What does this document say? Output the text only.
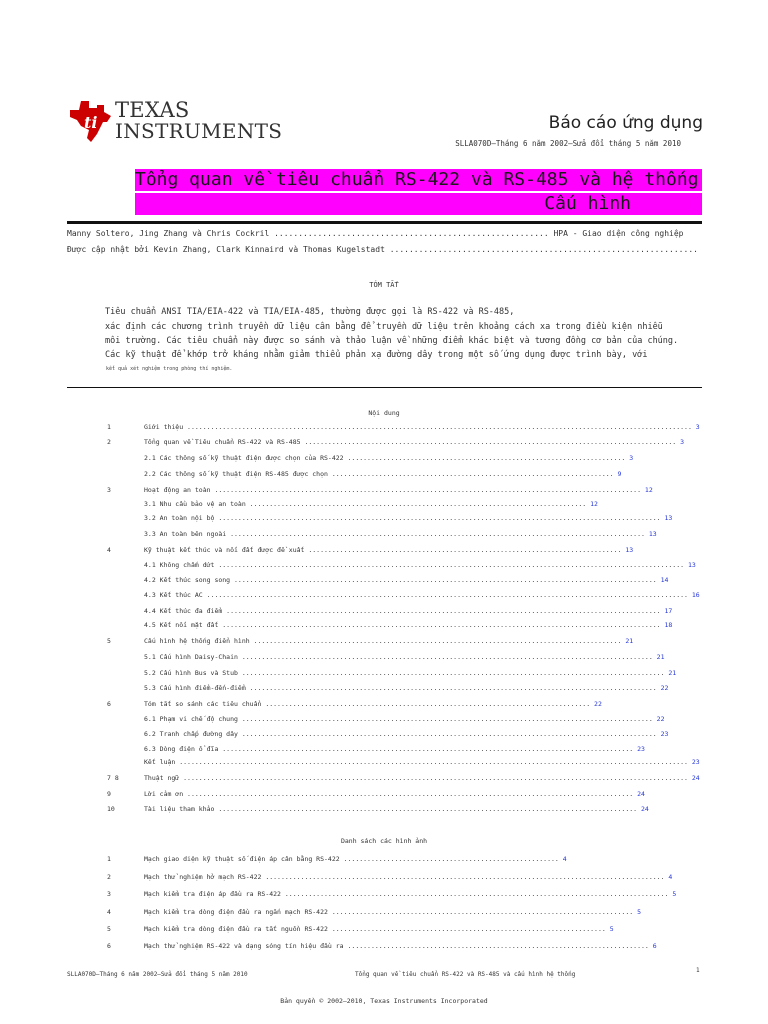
ti
TEXAS
INSTRUMENTS	Báo cáo ứng dụng
SLLA070D–Tháng 6 năm 2002–Sửa đổi tháng 5 năm 2010
Tổng quan về tiêu chuẩn RS-422 và RS-485 và hệ thống
Cấu hình
Manny Soltero, Jing Zhang và Chris Cockril ......................................................... HPA - Giao diện công nghiệp
Được cập nhật bởi Kevin Zhang, Clark Kinnaird và Thomas Kugelstadt ................................................................
TÓM TẮT
Tiêu chuẩn ANSI TIA/EIA-422 và TIA/EIA-485, thường được gọi là RS-422 và RS-485,
xác định các chương trình truyền dữ liệu cân bằng để truyền dữ liệu trên khoảng cách xa trong điều kiện nhiễu
môi trường. Các tiêu chuẩn này được so sánh và thảo luận về những điểm khác biệt và tương đồng cơ bản của chúng.
Các kỹ thuật để khớp trở kháng nhằm giảm thiểu phản xạ đường dây trong một số ứng dụng được trình bày, với
kết quả xét nghiệm trong phòng thí nghiệm.
Nội dung
1	Giới thiệu ................................................................................................................................. 3
2	Tổng quan về Tiêu chuẩn RS-422 và RS-485 ............................................................................................... 3
2.1 Các thông số kỹ thuật điện được chọn của RS-422 ....................................................................... 3
2.2 Các thông số kỹ thuật điện RS-485 được chọn ........................................................................ 9
3	Hoạt động an toàn ............................................................................................................. 12
3.1 Nhu cầu bảo vệ an toàn ...................................................................................... 12
3.2 An toàn nội bộ ................................................................................................................. 13
3.3 An toàn bên ngoài .......................................................................................................... 13
4	Kỹ thuật kết thúc và nối đất được đề xuất ................................................................................ 13
4.1 Không chấm dứt ....................................................................................................................... 13
4.2 Kết thúc song song ............................................................................................................ 14
4.3 Kết thúc AC ........................................................................................................................... 16
4.4 Kết thúc đa điểm ............................................................................................................... 17
4.5 Kết nối mặt đất ................................................................................................................ 18
5	Cấu hình hệ thống điển hình .............................................................................................. 21
5.1 Cấu hình Daisy-Chain ......................................................................................................... 21
5.2 Cấu hình Bus và Stub ............................................................................................................ 21
5.3 Cấu hình điểm-đến-điểm ........................................................................................................ 22
6	Tóm tắt so sánh các tiêu chuẩn ................................................................................... 22
6.1 Phạm vi chế độ chung ......................................................................................................... 22
6.2 Tranh chấp đường dây .......................................................................................................... 23
6.3 Dòng điện ổ đĩa ......................................................................................................... 23
Kết luận .................................................................................................................................. 23
7 8	Thuật ngữ ................................................................................................................................. 24
9	Lời cảm ơn .................................................................................................................. 24
10	Tài liệu tham khảo ........................................................................................................... 24
Danh sách các hình ảnh
1	Mạch giao diện kỹ thuật số điện áp cân bằng RS-422 ....................................................... 4
2	Mạch thử nghiệm hở mạch RS-422 ...................................................................................................... 4
3	Mạch kiểm tra điện áp đầu ra RS-422 .................................................................................................. 5
4	Mạch kiểm tra dòng điện đầu ra ngắn mạch RS-422 ............................................................................. 5
5	Mạch kiểm tra dòng điện đầu ra tắt nguồn RS-422 ...................................................................... 5
6	Mạch thử nghiệm RS-422 và dạng sóng tín hiệu đầu ra ............................................................................. 6
SLLA070D–Tháng 6 năm 2002–Sửa đổi tháng 5 năm 2010	Tổng quan về tiêu chuẩn RS-422 và RS-485 và cấu hình hệ thống
1
Bản quyền © 2002–2010, Texas Instruments Incorporated
